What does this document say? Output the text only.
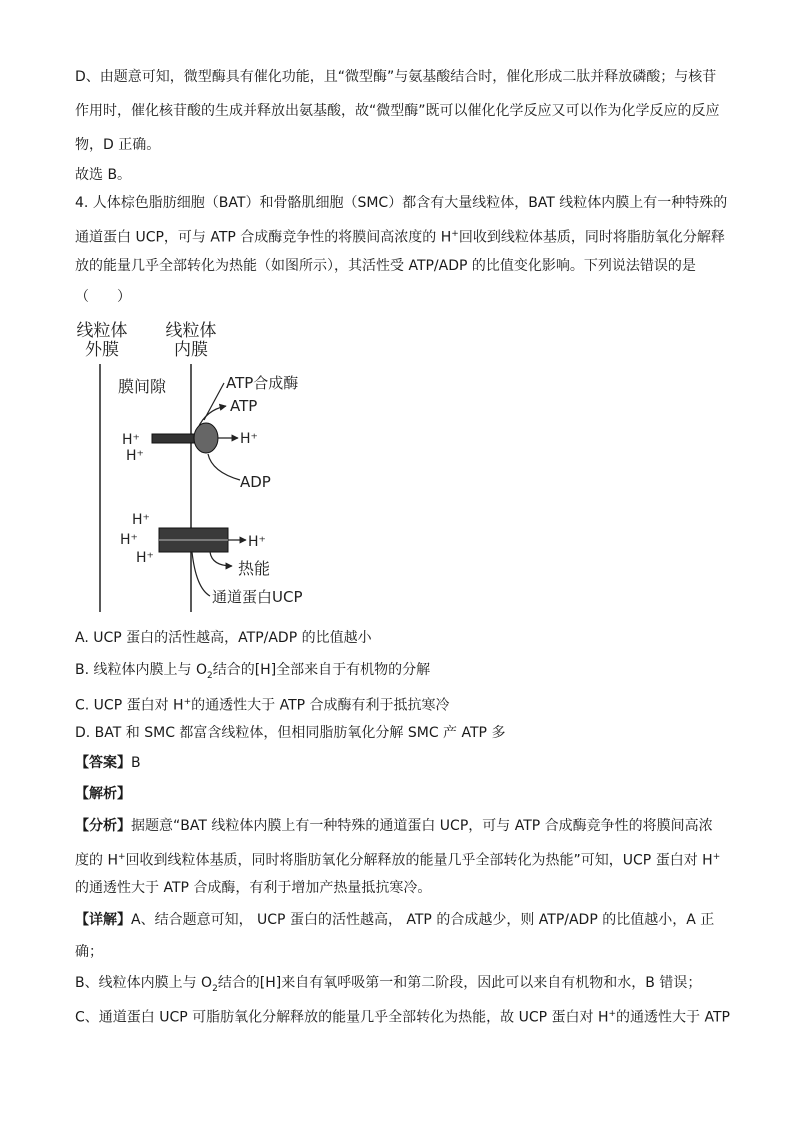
D、由题意可知，微型酶具有催化功能，且“微型酶”与氨基酸结合时，催化形成二肽并释放磷酸；与核苷
作用时，催化核苷酸的生成并释放出氨基酸，故“微型酶”既可以催化化学反应又可以作为化学反应的反应
物，D 正确。
故选 B。
4. 人体棕色脂肪细胞（BAT）和骨骼肌细胞（SMC）都含有大量线粒体，BAT 线粒体内膜上有一种特殊的
通道蛋白 UCP，可与 ATP 合成酶竞争性的将膜间高浓度的 H+回收到线粒体基质，同时将脂肪氧化分解释
放的能量几乎全部转化为热能（如图所示），其活性受 ATP/ADP 的比值变化影响。下列说法错误的是
（　　）
线粒体
外膜
线粒体
内膜
膜间隙	ATP合成酶
ATP
H⁺
H⁺
H⁺
ADP
H⁺
H⁺
H⁺
H⁺
热能
通道蛋白UCP
A. UCP 蛋白的活性越高，ATP/ADP 的比值越小
B. 线粒体内膜上与 $O_2$结合的[H]全部来自于有机物的分解
C. UCP 蛋白对 H+的通透性大于 ATP 合成酶有利于抵抗寒冷
D. BAT 和 SMC 都富含线粒体，但相同脂肪氧化分解 SMC 产 ATP 多
【答案】B
【解析】
【分析】据题意“BAT 线粒体内膜上有一种特殊的通道蛋白 UCP，可与 ATP 合成酶竞争性的将膜间高浓
度的 H+回收到线粒体基质，同时将脂肪氧化分解释放的能量几乎全部转化为热能”可知，UCP 蛋白对 H+
的通透性大于 ATP 合成酶，有利于增加产热量抵抗寒冷。
【详解】A、结合题意可知， UCP 蛋白的活性越高， ATP 的合成越少，则 ATP/ADP 的比值越小，A 正
确；
B、线粒体内膜上与 $O_2$结合的[H]来自有氧呼吸第一和第二阶段，因此可以来自有机物和水，B 错误；
C、通道蛋白 UCP 可脂肪氧化分解释放的能量几乎全部转化为热能，故 UCP 蛋白对 H+的通透性大于 ATP
